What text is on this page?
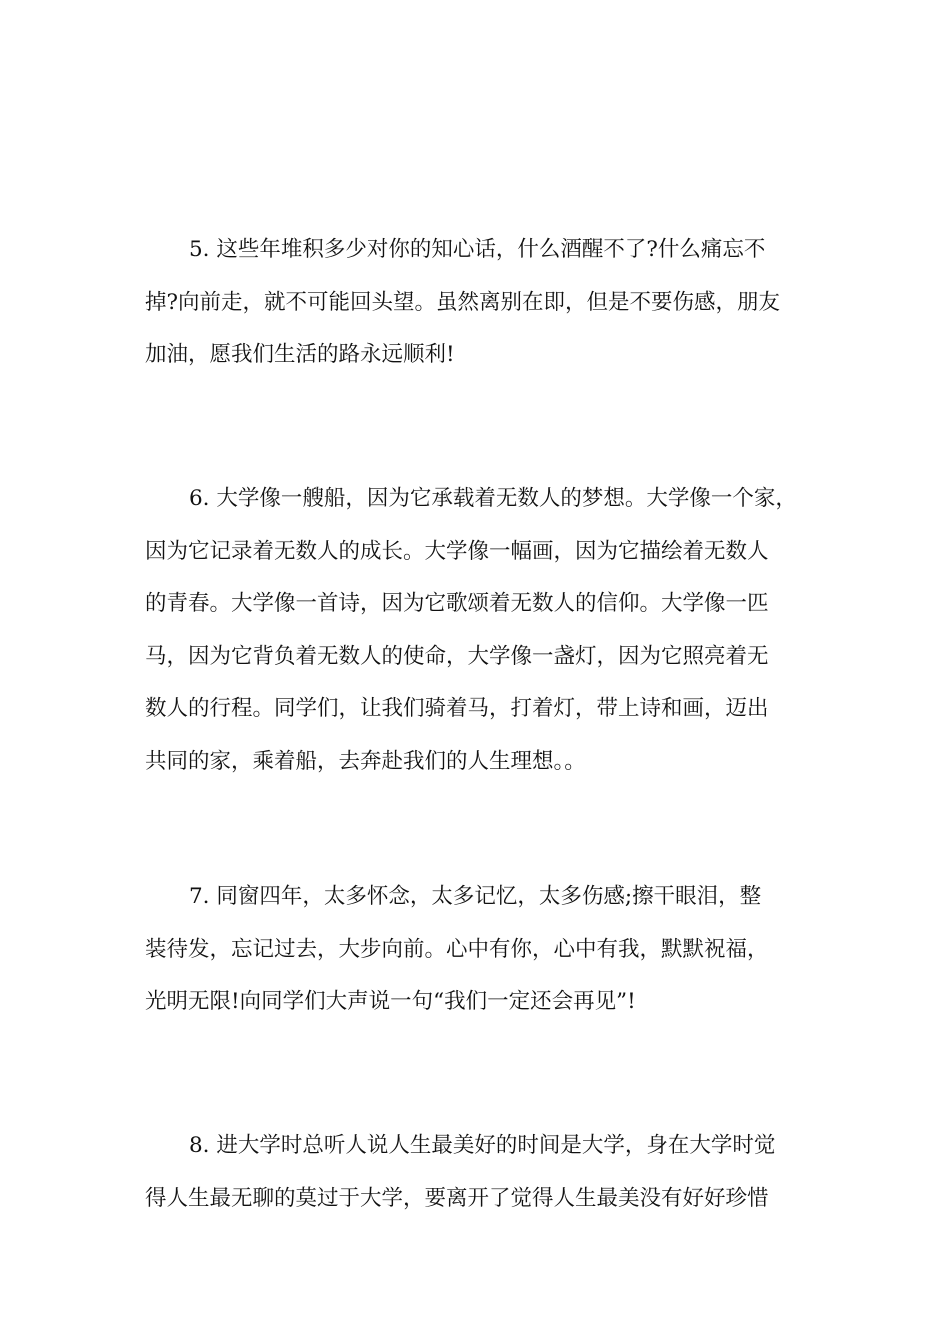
5. 这些年堆积多少对你的知心话，什么酒醒不了?什么痛忘不
掉?向前走，就不可能回头望。虽然离别在即，但是不要伤感，朋友
加油，愿我们生活的路永远顺利!
6. 大学像一艘船，因为它承载着无数人的梦想。大学像一个家，
因为它记录着无数人的成长。大学像一幅画，因为它描绘着无数人
的青春。大学像一首诗，因为它歌颂着无数人的信仰。大学像一匹
马，因为它背负着无数人的使命，大学像一盏灯，因为它照亮着无
数人的行程。同学们，让我们骑着马，打着灯，带上诗和画，迈出
共同的家，乘着船，去奔赴我们的人生理想。。
7. 同窗四年，太多怀念，太多记忆，太多伤感;擦干眼泪，整
装待发，忘记过去，大步向前。心中有你，心中有我，默默祝福，
光明无限!向同学们大声说一句“我们一定还会再见”!
8. 进大学时总听人说人生最美好的时间是大学，身在大学时觉
得人生最无聊的莫过于大学，要离开了觉得人生最美没有好好珍惜
